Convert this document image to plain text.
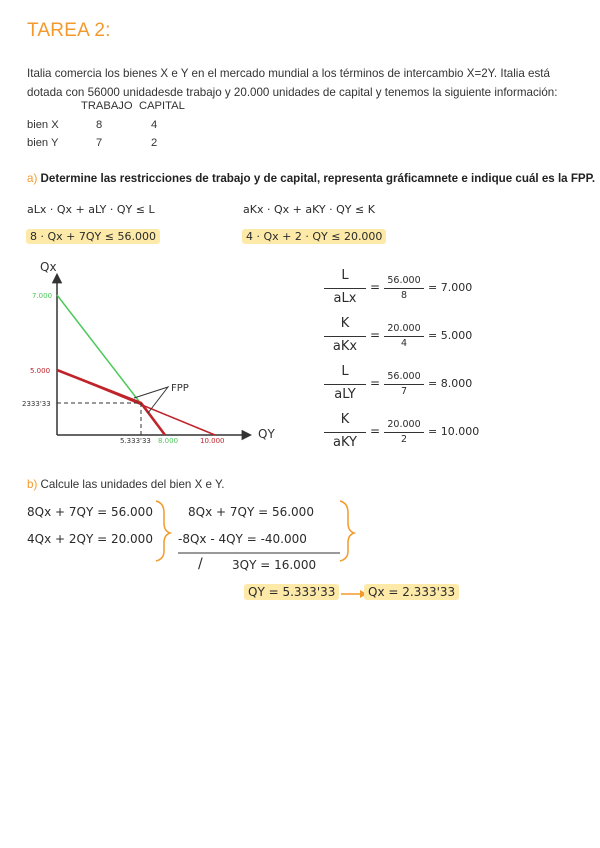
TAREA 2:
Italia comercia los bienes X e Y en el mercado mundial a los términos de intercambio X=2Y. Italia está dotada con 56000 unidadesde trabajo y 20.000 unidades de capital y tenemos la siguiente información:
TRABAJO CAPITAL
bien X	8	4
bien Y	7	2
a) Determine las restricciones de trabajo y de capital, representa gráficamnete e indique cuál es la FPP.
aLx · Qx + aLY · QY ≤ L	aKx · Qx + aKY · QY ≤ K
8 · Qx + 7QY ≤ 56.000	4 · Qx + 2 · QY ≤ 20.000
Qx
QY
FPP
7.000
5.000
2333'33
5.333'33 8.000	10.000
L
aLx
= 56.000
8
= 7.000
K
aKx
= 20.000
4
= 5.000
L
aLY
= 56.000
7
= 8.000
K
aKY
= 20.000
2
= 10.000
b) Calcule las unidades del bien X e Y.
8Qx + 7QY = 56.000
4Qx + 2QY = 20.000
8Qx + 7QY = 56.000
-8Qx - 4QY = -40.000
/ 3QY = 16.000
QY = 5.333'33	Qx = 2.333'33
